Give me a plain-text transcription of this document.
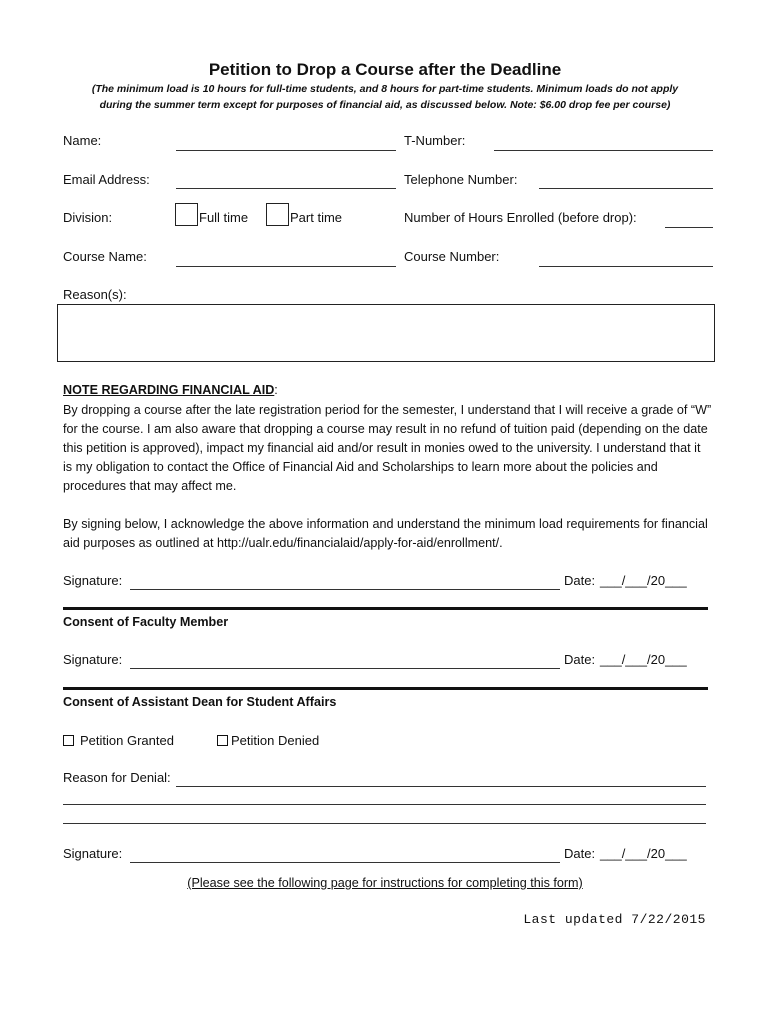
Petition to Drop a Course after the Deadline
(The minimum load is 10 hours for full-time students, and 8 hours for part-time students. Minimum loads do not apply
during the summer term except for purposes of financial aid, as discussed below. Note: $6.00 drop fee per course)
Name:	T-Number:
Email Address:	Telephone Number:
Division:	Full time	Part time	Number of Hours Enrolled (before drop):
Course Name:	Course Number:
Reason(s):
NOTE REGARDING FINANCIAL AID:
By dropping a course after the late registration period for the semester, I understand that I will receive a grade of “W” for the course. I am also aware that dropping a course may result in no refund of tuition paid (depending on the date this petition is approved), impact my financial aid and/or result in monies owed to the university. I understand that it is my obligation to contact the Office of Financial Aid and Scholarships to learn more about the policies and procedures that may affect me.
By signing below, I acknowledge the above information and understand the minimum load requirements for financial aid purposes as outlined at http://ualr.edu/financialaid/apply-for-aid/enrollment/.
Signature:	Date: ___/___/20___
Consent of Faculty Member
Signature:	Date: ___/___/20___
Consent of Assistant Dean for Student Affairs
Petition Granted	Petition Denied
Reason for Denial:
Signature:	Date: ___/___/20___
(Please see the following page for instructions for completing this form)
Last updated 7/22/2015
